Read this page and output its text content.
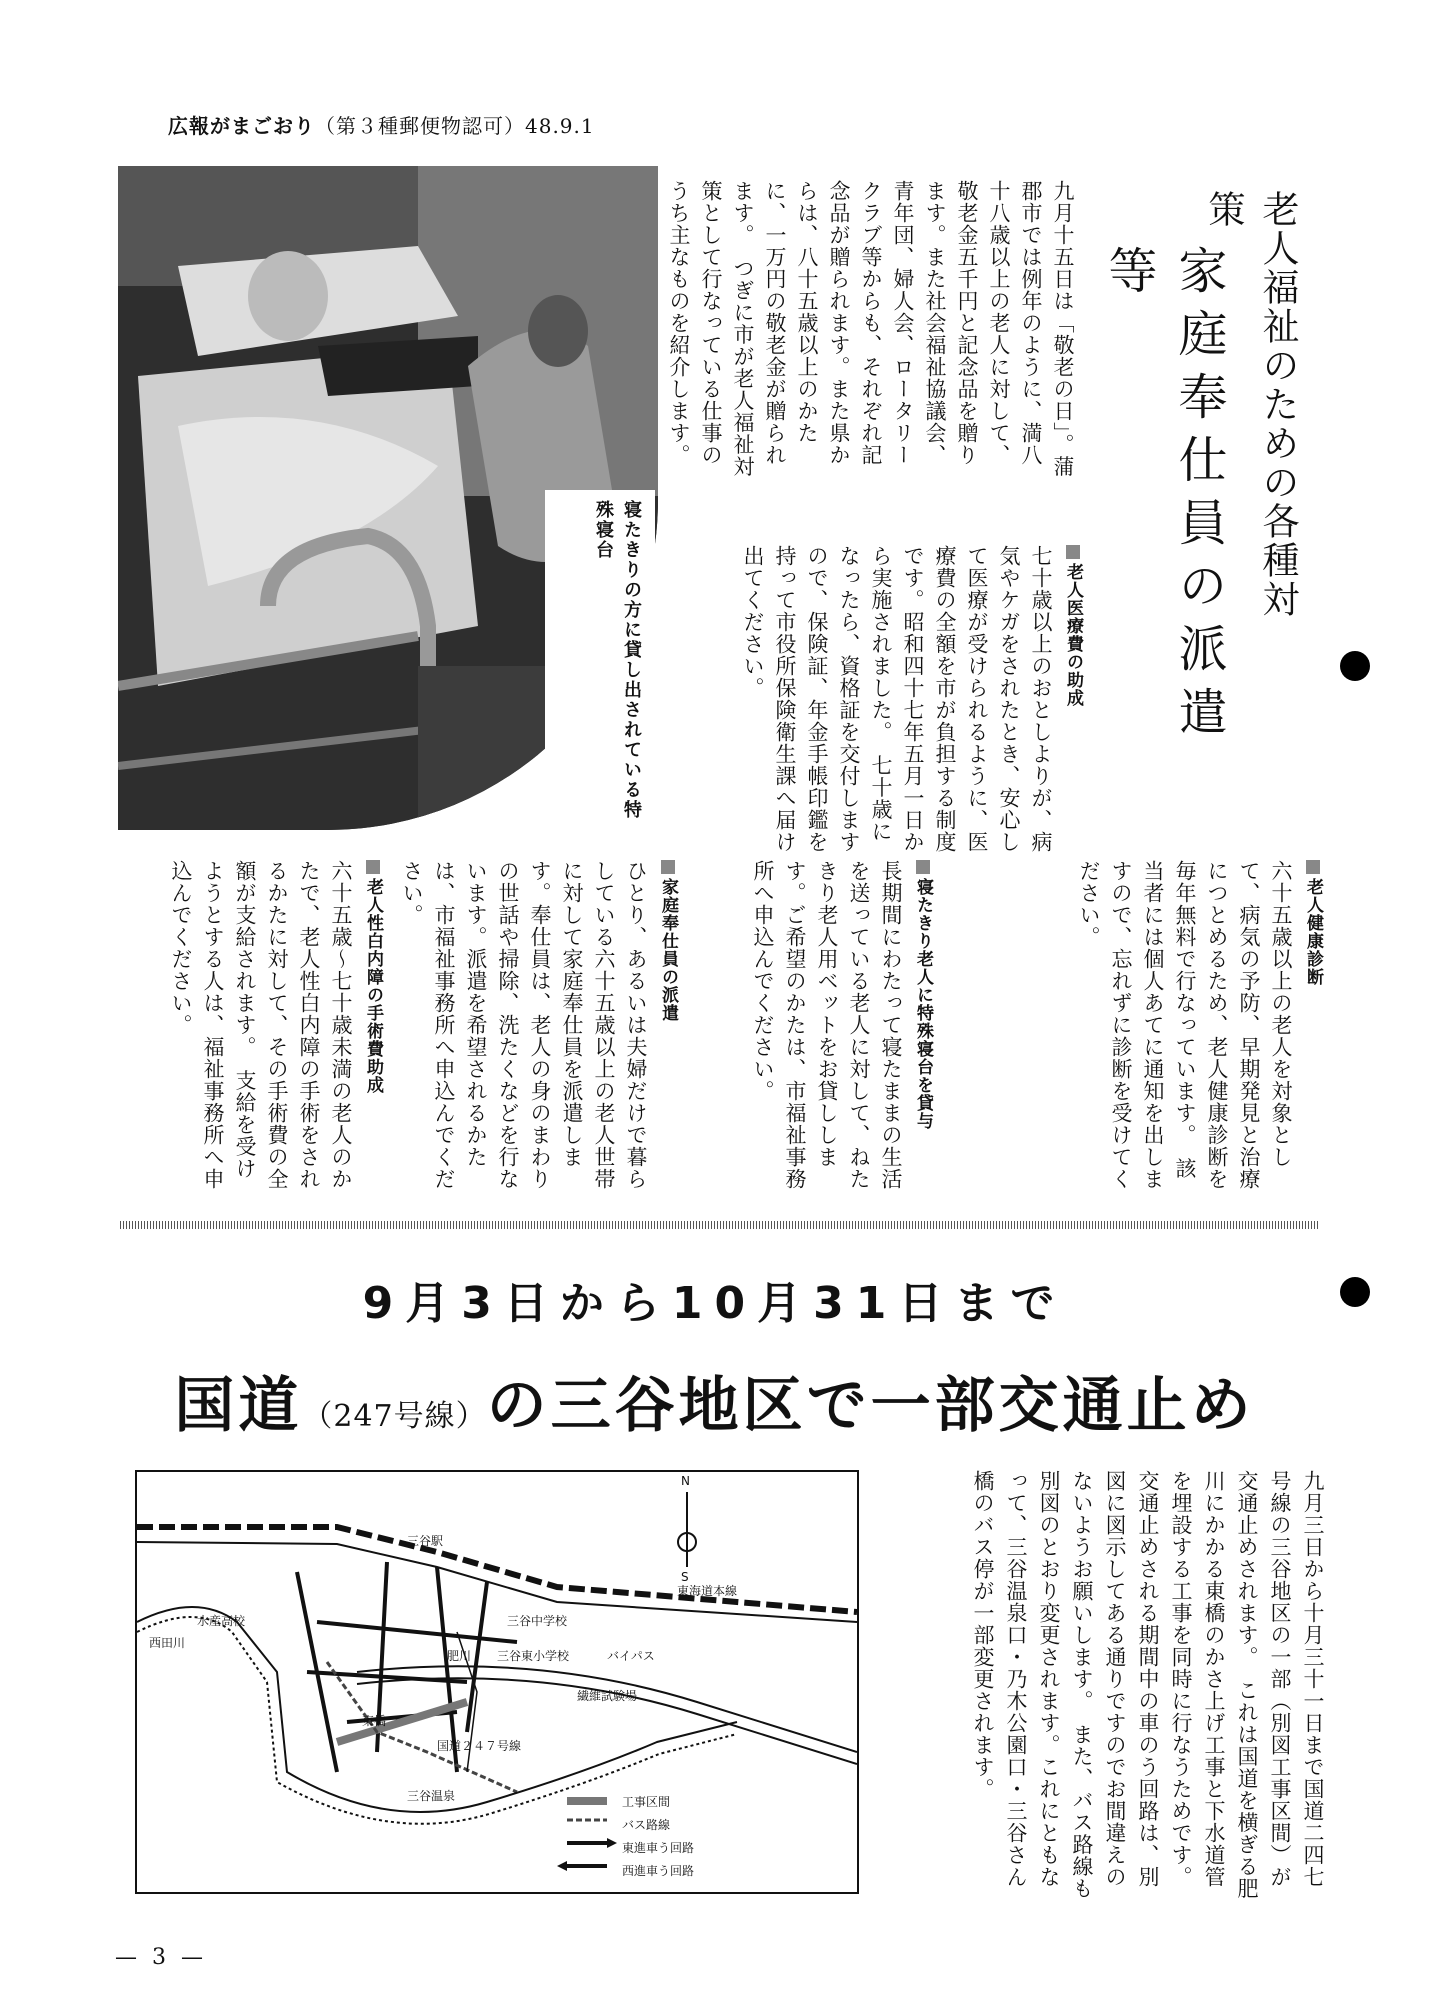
広報がまごおり（第３種郵便物認可）48.9.1
老人福祉のための各種対策
家庭奉仕員の派遣等
九月十五日は「敬老の日」。蒲郡市では例年のように、満八十八歳以上の老人に対して、敬老金五千円と記念品を贈ります。また社会福祉協議会、青年団、婦人会、ロータリークラブ等からも、それぞれ記念品が贈られます。また県からは、八十五歳以上のかたに、一万円の敬老金が贈られます。　つぎに市が老人福祉対策として行なっている仕事のうち主なものを紹介します。
老人医療費の助成
七十歳以上のおとしよりが、病気やケガをされたとき、安心して医療が受けられるように、医療費の全額を市が負担する制度です。昭和四十七年五月一日から実施されました。　七十歳になったら、資格証を交付しますので、保険証、年金手帳印鑑を持って市役所保険衛生課へ届け出てください。
寝たきりの方に貸し出されている特殊寝台
老人健康診断
六十五歳以上の老人を対象として、病気の予防、早期発見と治療につとめるため、老人健康診断を毎年無料で行なっています。　該当者には個人あてに通知を出しますので、忘れずに診断を受けてください。
寝たきり老人に特殊寝台を貸与
長期間にわたって寝たままの生活を送っている老人に対して、ねたきり老人用ベットをお貸しします。ご希望のかたは、市福祉事務所へ申込んでください。
家庭奉仕員の派遣
ひとり、あるいは夫婦だけで暮らしている六十五歳以上の老人世帯に対して家庭奉仕員を派遣します。奉仕員は、老人の身のまわりの世話や掃除、洗たくなどを行ないます。派遣を希望されるかたは、市福祉事務所へ申込んでください。
老人性白内障の手術費助成
六十五歳～七十歳未満の老人のかたで、老人性白内障の手術をされるかたに対して、その手術費の全額が支給されます。　支給を受けようとする人は、福祉事務所へ申込んでください。
9月3日から10月31日まで
国道（247号線）の三谷地区で一部交通止め
九月三日から十月三十一日まで国道二四七号線の三谷地区の一部（別図工事区間）が交通止めされます。　これは国道を横ぎる肥川にかかる東橋のかさ上げ工事と下水道管を埋設する工事を同時に行なうためです。　交通止めされる期間中の車のう回路は、別図に図示してある通りですのでお間違えのないようお願いします。　また、バス路線も別図のとおり変更されます。これにともなって、三谷温泉口・乃木公園口・三谷さん橋のバス停が一部変更されます。
N
S
東海道本線
三谷駅
三谷中学校
三谷東小学校	バイパス
繊維試験場
肥川
東橋
国道２４７号線
三谷温泉
西田川
水産高校
工事区間
バス路線
東進車う回路
西進車う回路
— 3 —
